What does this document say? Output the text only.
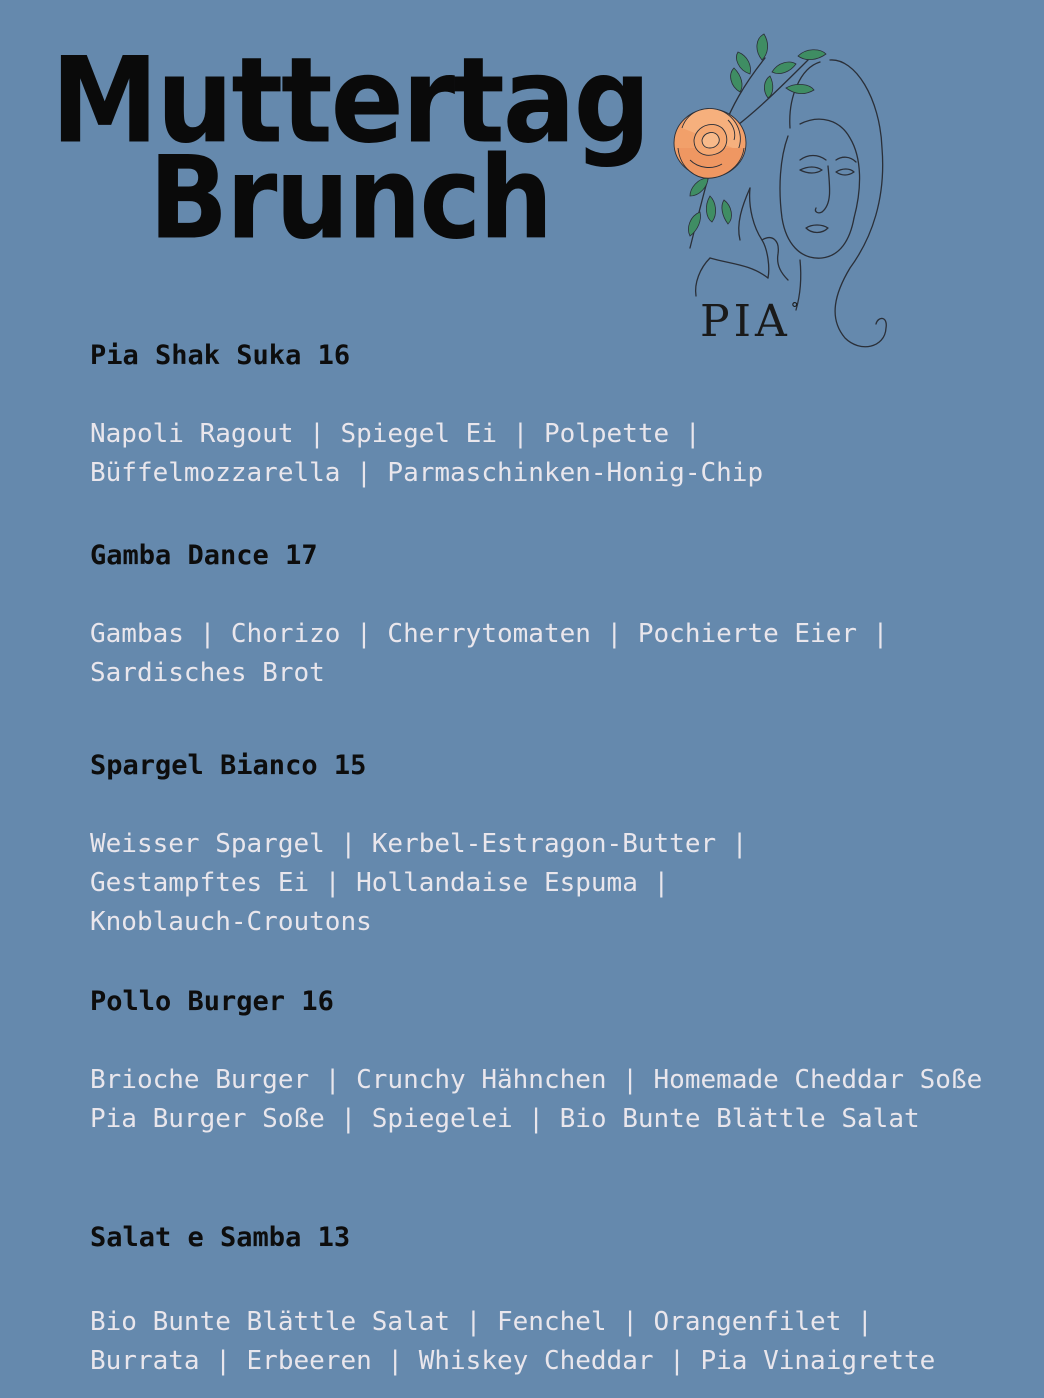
Muttertag
Brunch
PIA°
Pia Shak Suka 16
Napoli Ragout | Spiegel Ei | Polpette |
Büffelmozzarella | Parmaschinken-Honig-Chip
Gamba Dance 17
Gambas | Chorizo | Cherrytomaten | Pochierte Eier |
Sardisches Brot
Spargel Bianco 15
Weisser Spargel | Kerbel-Estragon-Butter |
Gestampftes Ei | Hollandaise Espuma |
Knoblauch-Croutons
Pollo Burger 16
Brioche Burger | Crunchy Hähnchen | Homemade Cheddar Soße
Pia Burger Soße | Spiegelei | Bio Bunte Blättle Salat
Salat e Samba 13
Bio Bunte Blättle Salat | Fenchel | Orangenfilet |
Burrata | Erbeeren | Whiskey Cheddar | Pia Vinaigrette
